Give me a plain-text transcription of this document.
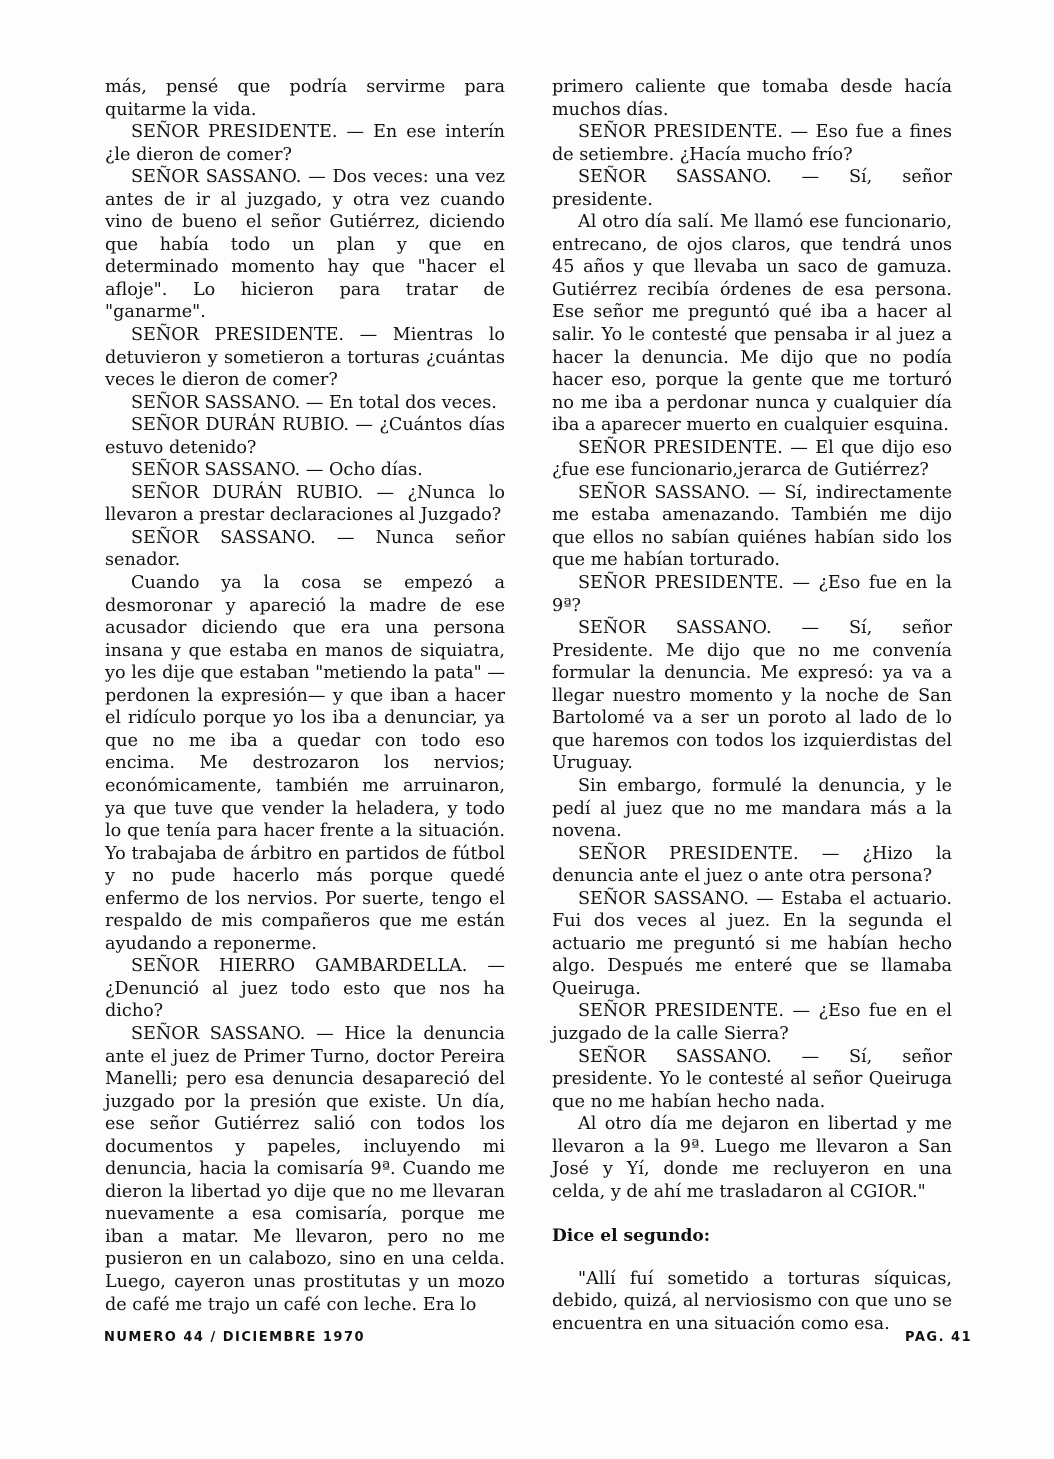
más, pensé que podría servirme para quitarme la vida.

SEÑOR PRESIDENTE. — En ese interín ¿le dieron de comer?

SEÑOR SASSANO. — Dos veces: una vez antes de ir al juzgado, y otra vez cuando vino de bueno el señor Gutiérrez, diciendo que había todo un plan y que en determinado momento hay que "hacer el afloje". Lo hicieron para tratar de "ganarme".

SEÑOR PRESIDENTE. — Mientras lo detuvieron y sometieron a torturas ¿cuántas veces le dieron de comer?

SEÑOR SASSANO. — En total dos veces.

SEÑOR DURÁN RUBIO. — ¿Cuántos días estuvo detenido?

SEÑOR SASSANO. — Ocho días.

SEÑOR DURÁN RUBIO. — ¿Nunca lo llevaron a prestar declaraciones al Juzgado?

SEÑOR SASSANO. — Nunca señor senador.

Cuando ya la cosa se empezó a desmoronar y apareció la madre de ese acusador diciendo que era una persona insana y que estaba en manos de siquiatra, yo les dije que estaban "metiendo la pata" —perdonen la expresión— y que iban a hacer el ridículo porque yo los iba a denunciar, ya que no me iba a quedar con todo eso encima. Me destrozaron los nervios; económicamente, también me arruinaron, ya que tuve que vender la heladera, y todo lo que tenía para hacer frente a la situación. Yo trabajaba de árbitro en partidos de fútbol y no pude hacerlo más porque quedé enfermo de los nervios. Por suerte, tengo el respaldo de mis compañeros que me están ayudando a reponerme.

SEÑOR HIERRO GAMBARDELLA. — ¿Denunció al juez todo esto que nos ha dicho?

SEÑOR SASSANO. — Hice la denuncia ante el juez de Primer Turno, doctor Pereira Manelli; pero esa denuncia desapareció del juzgado por la presión que existe. Un día, ese señor Gutiérrez salió con todos los documentos y papeles, incluyendo mi denuncia, hacia la comisaría 9ª. Cuando me dieron la libertad yo dije que no me llevaran nuevamente a esa comisaría, porque me iban a matar. Me llevaron, pero no me pusieron en un calabozo, sino en una celda. Luego, cayeron unas prostitutas y un mozo de café me trajo un café con leche. Era lo

primero caliente que tomaba desde hacía muchos días.

SEÑOR PRESIDENTE. — Eso fue a fines de setiembre. ¿Hacía mucho frío?

SEÑOR SASSANO. — Sí, señor presidente.

Al otro día salí. Me llamó ese funcionario, entrecano, de ojos claros, que tendrá unos 45 años y que llevaba un saco de gamuza. Gutiérrez recibía órdenes de esa persona. Ese señor me preguntó qué iba a hacer al salir. Yo le contesté que pensaba ir al juez a hacer la denuncia. Me dijo que no podía hacer eso, porque la gente que me torturó no me iba a perdonar nunca y cualquier día iba a aparecer muerto en cualquier esquina.

SEÑOR PRESIDENTE. — El que dijo eso ¿fue ese funcionario,jerarca de Gutiérrez?

SEÑOR SASSANO. — Sí, indirectamente me estaba amenazando. También me dijo que ellos no sabían quiénes habían sido los que me habían torturado.

SEÑOR PRESIDENTE. — ¿Eso fue en la 9ª?

SEÑOR SASSANO. — Sí, señor Presidente. Me dijo que no me convenía formular la denuncia. Me expresó: ya va a llegar nuestro momento y la noche de San Bartolomé va a ser un poroto al lado de lo que haremos con todos los izquierdistas del Uruguay.

Sin embargo, formulé la denuncia, y le pedí al juez que no me mandara más a la novena.

SEÑOR PRESIDENTE. — ¿Hizo la denuncia ante el juez o ante otra persona?

SEÑOR SASSANO. — Estaba el actuario. Fui dos veces al juez. En la segunda el actuario me preguntó si me habían hecho algo. Después me enteré que se llamaba Queiruga.

SEÑOR PRESIDENTE. — ¿Eso fue en el juzgado de la calle Sierra?

SEÑOR SASSANO. — Sí, señor presidente. Yo le contesté al señor Queiruga que no me habían hecho nada.

Al otro día me dejaron en libertad y me llevaron a la 9ª. Luego me llevaron a San José y Yí, donde me recluyeron en una celda, y de ahí me trasladaron al CGIOR."

Dice el segundo:

"Allí fuí sometido a torturas síquicas, debido, quizá, al nerviosismo con que uno se encuentra en una situación como esa.

NUMERO 44 / DICIEMBRE 1970	PAG. 41
